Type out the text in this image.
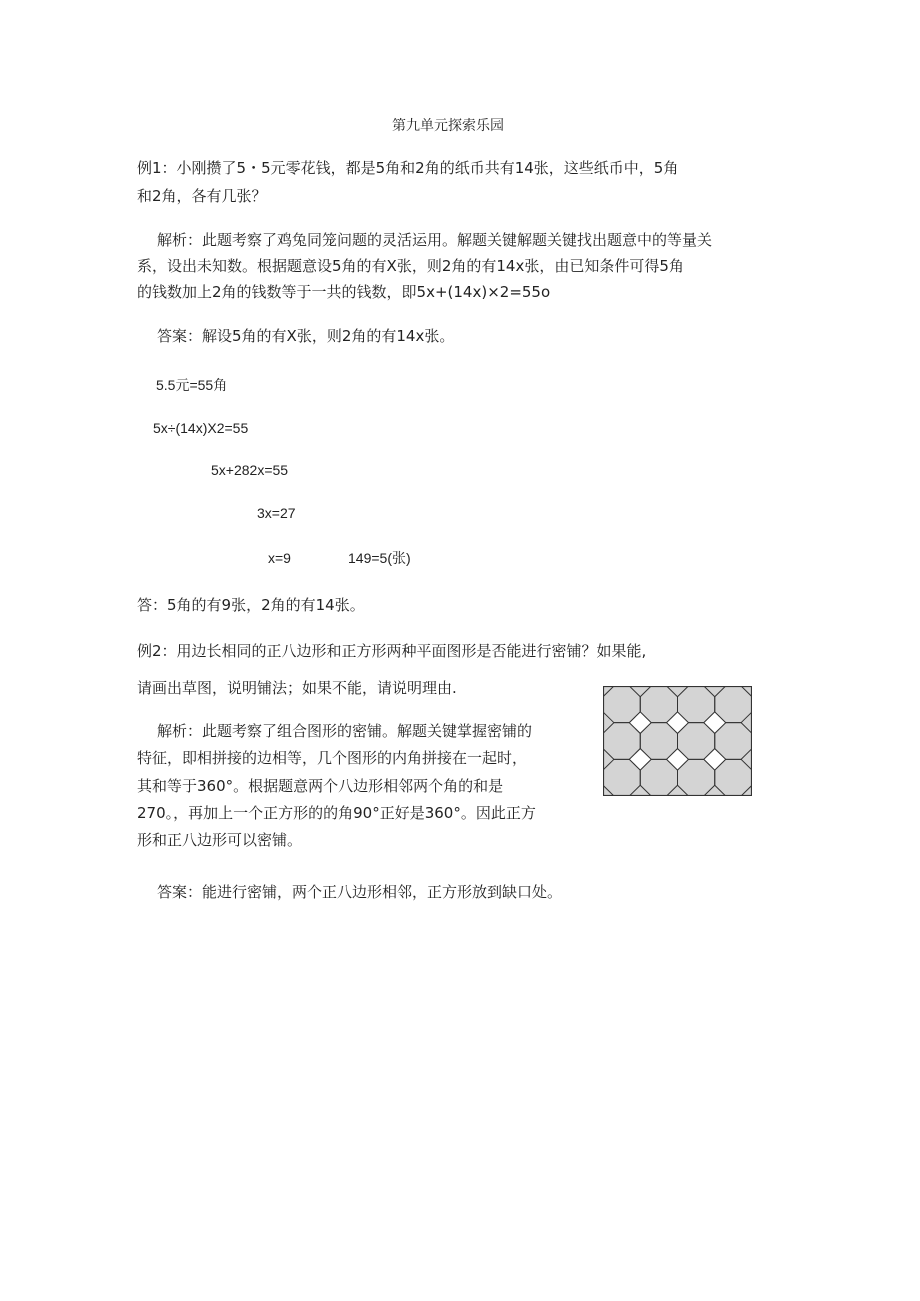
第九单元探索乐园

例1：小刚攒了5・5元零花钱，都是5角和2角的纸币共有14张，这些纸币中，5角

和2角，各有几张？

解析：此题考察了鸡兔同笼问题的灵活运用。解题关键解题关键找出题意中的等量关

系，设出未知数。根据题意设5角的有X张，则2角的有14x张，由已知条件可得5角

的钱数加上2角的钱数等于一共的钱数，即5x+(14x)×2=55o

答案：解设5角的有X张，则2角的有14x张。

5.5元=55角

5x÷(14x)X2=55

5x+282x=55

3x=27

x=9	149=5(张)

答：5角的有9张，2角的有14张。

例2：用边长相同的正八边形和正方形两种平面图形是否能进行密铺？如果能,

请画出草图，说明铺法；如果不能，请说明理由.

解析：此题考察了组合图形的密铺。解题关键掌握密铺的

特征，即相拼接的边相等，几个图形的内角拼接在一起时，

其和等于360°。根据题意两个八边形相邻两个角的和是

270。，再加上一个正方形的的角90°正好是360°。因此正方

形和正八边形可以密铺。

答案：能进行密铺，两个正八边形相邻，正方形放到缺口处。
